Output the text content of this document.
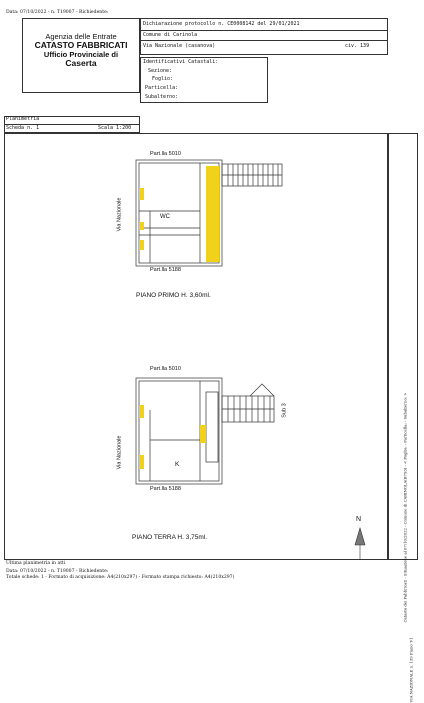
Data: 07/10/2022 - n. T19007 - Richiedente:
Agenzia delle Entrate
CATASTO FABBRICATI
Ufficio Provinciale di
Caserta
Dichiarazione protocollo n. CE0008142 del 29/01/2021
Comune di Carinola
Via Nazionale (casanova)	civ. 139
Identificativi Catastali:
Sezione:
Foglio:
Particella:
Subalterno:
Planimetria
Scheda n. 1	Scala 1:200
Part.lla 5010
Part.lla 5188
Via Nazionale	WC
PIANO PRIMO H. 3,60ml.
Part.lla 5010
Part.lla 5188
Via Nazionale	K
Sub 3
PIANO TERRA H. 3,75ml.
N	Catasto dei Fabbricati - Situazione al 07/10/2022 - Comune di CARINOLA(B793) - < Foglio: - Particella: - Subalterno: >
VIA NAZIONALE n. 139 Piano T-1
Ultima planimetria in atti
Data: 07/10/2022 - n. T19007 - Richiedente:
Totale schede: 1 - Formato di acquisizione: A4(210x297) - Formato stampa richiesto: A4(210x297)
